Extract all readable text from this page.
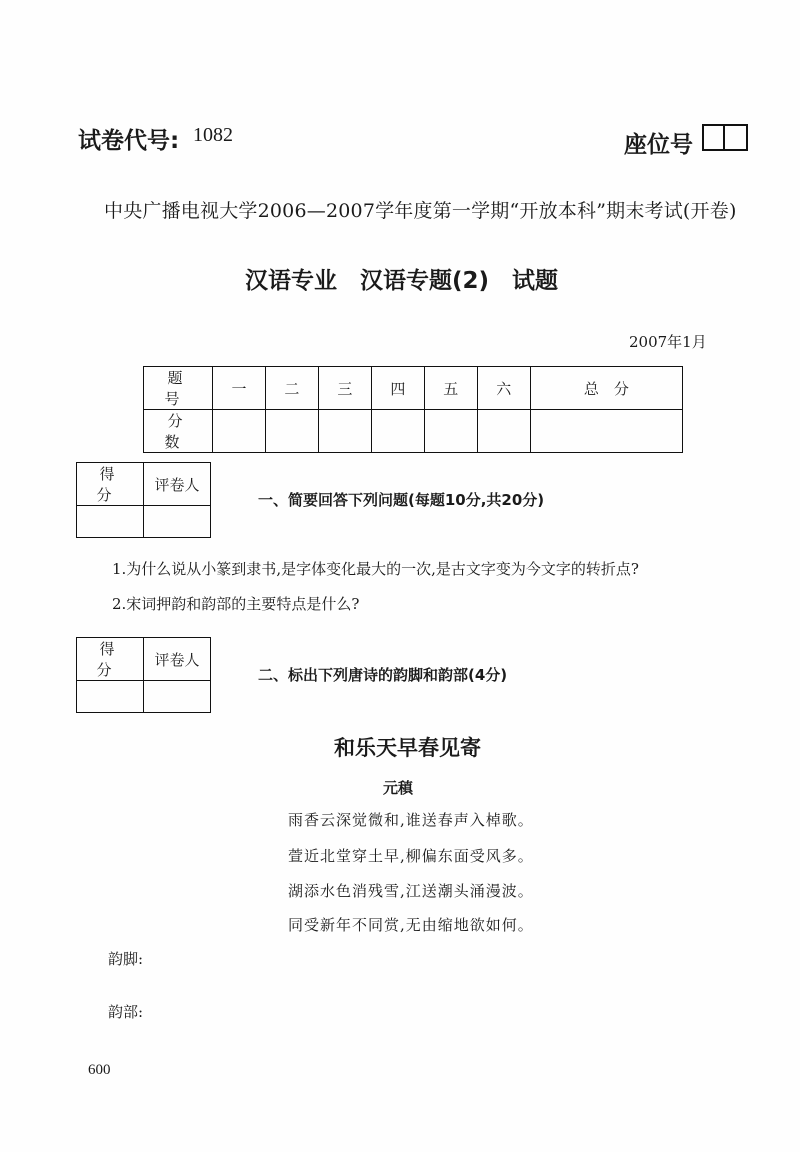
试卷代号: 1082	座位号
中央广播电视大学2006—2007学年度第一学期“开放本科”期末考试(开卷)
汉语专业　汉语专题(2)　试题
2007年1月
题　号	一	二	三	四	五	六	总　分
分　数							
得　分	评卷人

一、简要回答下列问题(每题10分,共20分)
1.为什么说从小篆到隶书,是字体变化最大的一次,是古文字变为今文字的转折点?
2.宋词押韵和韵部的主要特点是什么?
得　分	评卷人

二、标出下列唐诗的韵脚和韵部(4分)
和乐天早春见寄
元稹
雨香云深觉微和,谁送春声入棹歌。
萱近北堂穿土早,柳偏东面受风多。
湖添水色消残雪,江送潮头涌漫波。
同受新年不同赏,无由缩地欲如何。
韵脚:
韵部:
600
